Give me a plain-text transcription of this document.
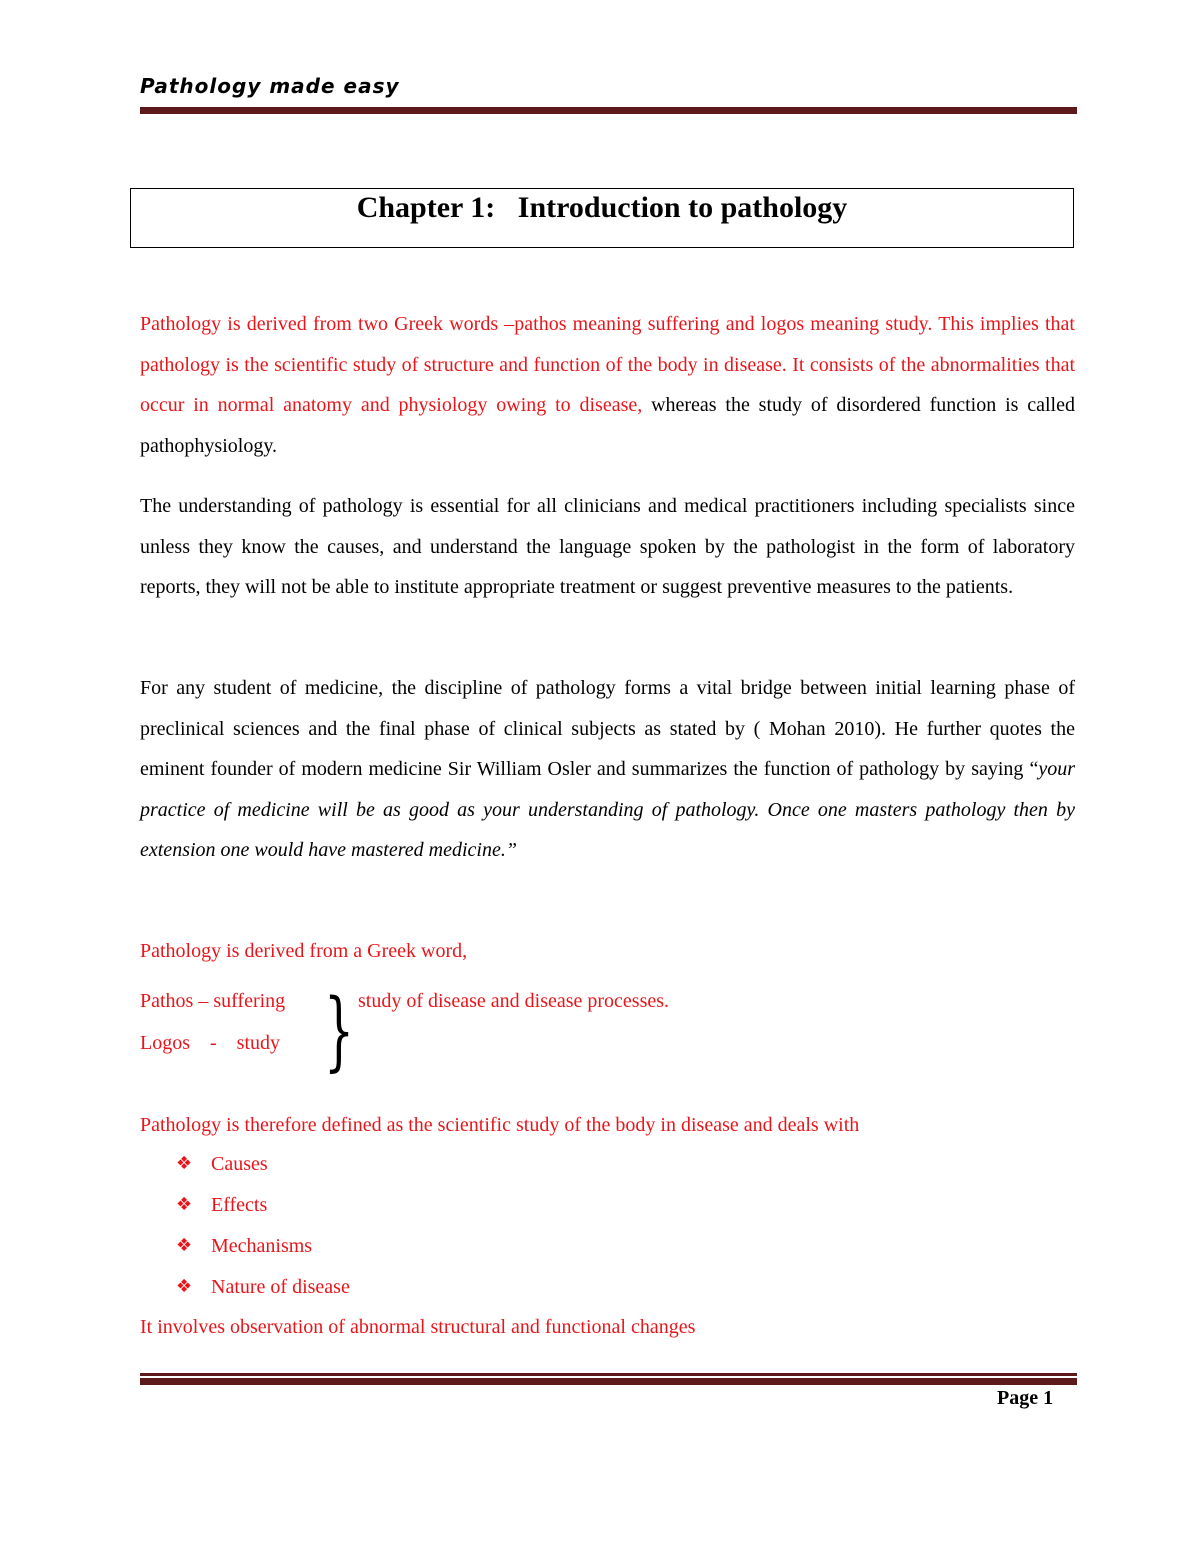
Pathology made easy
Chapter 1:   Introduction to pathology

Pathology is derived from two Greek words –pathos meaning suffering and logos meaning study. This implies that pathology is the scientific study of structure and function of the body in disease. It consists of the abnormalities that occur in normal anatomy and physiology owing to disease, whereas the study of disordered function is called pathophysiology.

The understanding of pathology is essential for all clinicians and medical practitioners including specialists since unless they know the causes, and understand the language spoken by the pathologist in the form of laboratory reports, they will not be able to institute appropriate treatment or suggest preventive measures to the patients.

For any student of medicine, the discipline of pathology forms a vital bridge between initial learning phase of preclinical sciences and the final phase of clinical subjects as stated by ( Mohan 2010). He further quotes the eminent founder of modern medicine Sir William Osler and summarizes the function of pathology by saying “your practice of medicine will be as good as your understanding of pathology. Once one masters pathology then by extension one would have mastered medicine.”

Pathology is derived from a Greek word,
Pathos – suffering
Logos    -    study } study of disease and disease processes.
Pathology is therefore defined as the scientific study of the body in disease and deals with
❖ Causes
❖ Effects
❖ Mechanisms
❖ Nature of disease
It involves observation of abnormal structural and functional changes
Page 1
